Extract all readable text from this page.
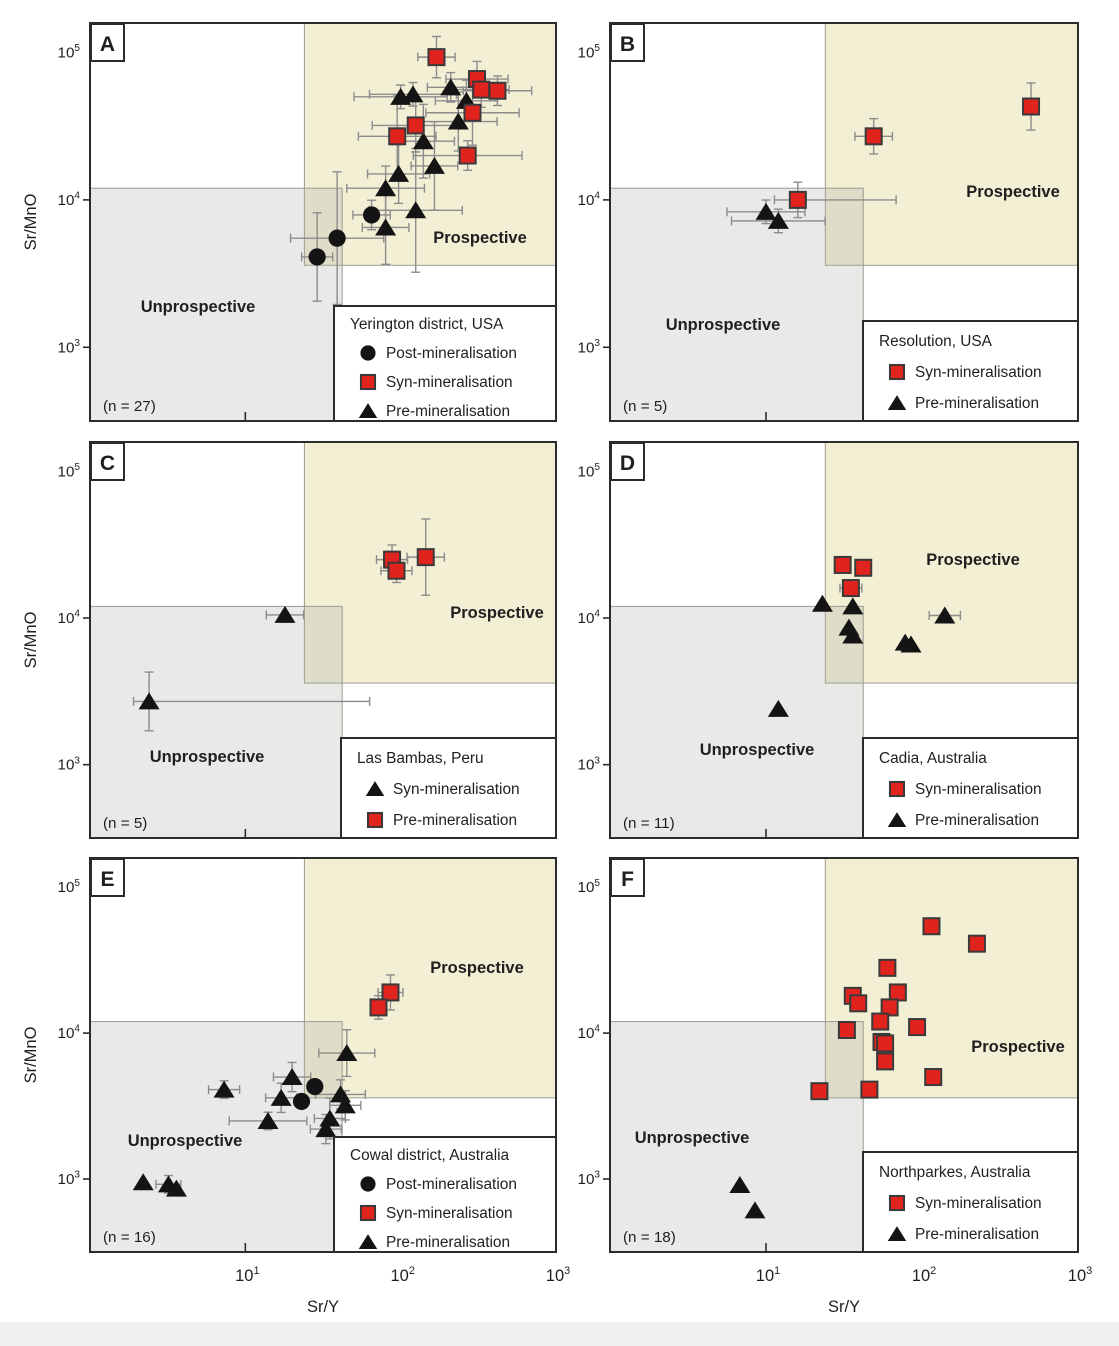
Prospective
Unprospective
$10^5$
$10^4$
$10^3$
Sr/MnO
A
(n = 27)
Yerington district, USA
Post-mineralisation
Syn-mineralisation
Pre-mineralisation
Prospective
Unprospective
$10^5$
$10^4$
$10^3$
B
(n = 5)
Resolution, USA
Syn-mineralisation
Pre-mineralisation
Prospective
Unprospective
$10^5$
$10^4$
$10^3$
Sr/MnO
C
(n = 5)
Las Bambas, Peru
Syn-mineralisation
Pre-mineralisation
Prospective
Unprospective
$10^5$
$10^4$
$10^3$
D
(n = 11)
Cadia, Australia
Syn-mineralisation
Pre-mineralisation
Prospective
Unprospective
$10^5$
$10^4$
$10^3$
$10^1$	$10^2$	$10^3$
Sr/Y
Sr/MnO
E
(n = 16)
Cowal district, Australia
Post-mineralisation
Syn-mineralisation
Pre-mineralisation
Prospective
Unprospective
$10^5$
$10^4$
$10^3$
$10^1$	$10^2$	$10^3$
Sr/Y
F
(n = 18)
Northparkes, Australia
Syn-mineralisation
Pre-mineralisation
